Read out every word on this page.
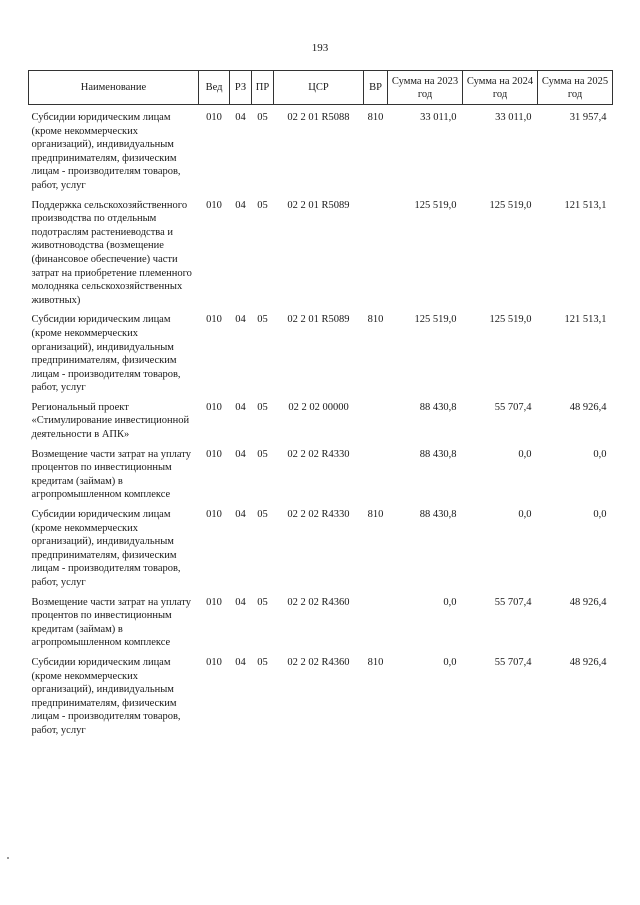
193
Наименование	Вед	РЗ	ПР	ЦСР	ВР	Сумма на 2023 год	Сумма на 2024 год	Сумма на 2025 год
Субсидии юридическим лицам (кроме некоммерческих организаций), индивидуальным предпринимателям, физическим лицам - производителям товаров, работ, услуг	010	04	05	02 2 01 R5088	810	33 011,0	33 011,0	31 957,4
Поддержка сельскохозяйственного производства по отдельным подотраслям растениеводства и животноводства (возмещение (финансовое обеспечение) части затрат на приобретение племенного молодняка сельскохозяйственных животных)	010	04	05	02 2 01 R5089		125 519,0	125 519,0	121 513,1
Субсидии юридическим лицам (кроме некоммерческих организаций), индивидуальным предпринимателям, физическим лицам - производителям товаров, работ, услуг	010	04	05	02 2 01 R5089	810	125 519,0	125 519,0	121 513,1
Региональный проект «Стимулирование инвестиционной деятельности в АПК»	010	04	05	02 2 02 00000		88 430,8	55 707,4	48 926,4
Возмещение части затрат на уплату процентов по инвестиционным кредитам (займам) в агропромышленном комплексе	010	04	05	02 2 02 R4330		88 430,8	0,0	0,0
Субсидии юридическим лицам (кроме некоммерческих организаций), индивидуальным предпринимателям, физическим лицам - производителям товаров, работ, услуг	010	04	05	02 2 02 R4330	810	88 430,8	0,0	0,0
Возмещение части затрат на уплату процентов по инвестиционным кредитам (займам) в агропромышленном комплексе	010	04	05	02 2 02 R4360		0,0	55 707,4	48 926,4
Субсидии юридическим лицам (кроме некоммерческих организаций), индивидуальным предпринимателям, физическим лицам - производителям товаров, работ, услуг	010	04	05	02 2 02 R4360	810	0,0	55 707,4	48 926,4
